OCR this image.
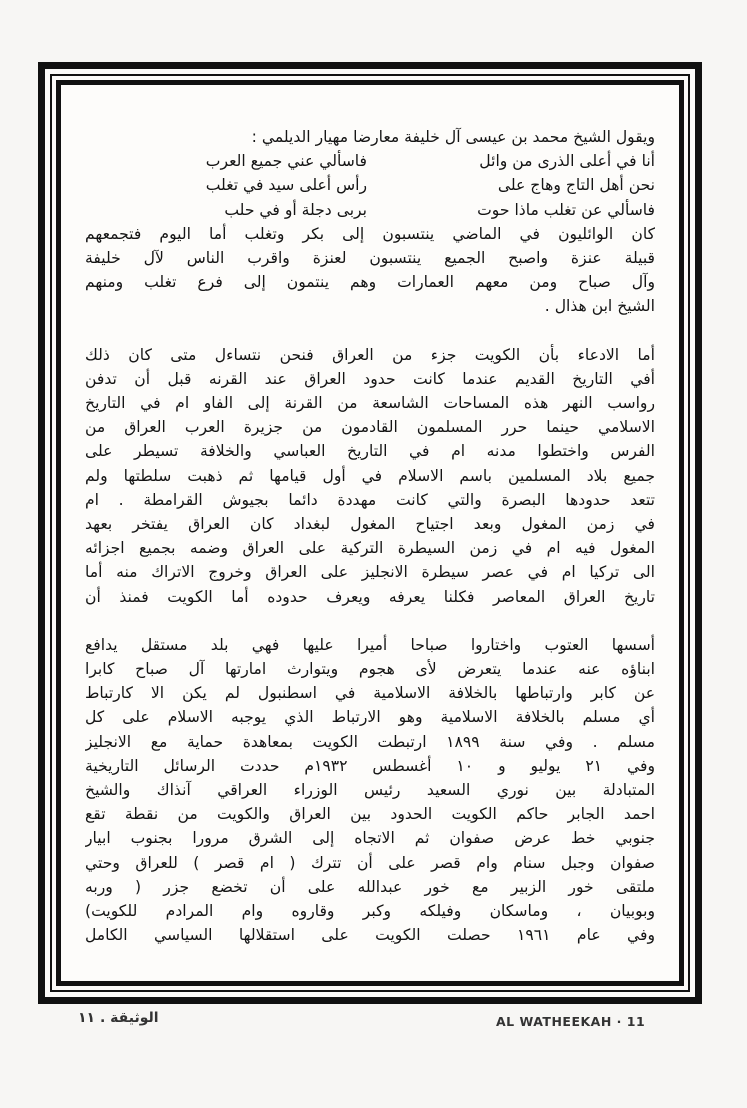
ويقول الشيخ محمد بن عيسى آل خليفة معارضا مهيار الديلمي :
أنا في أعلى الذرى من وائل
فاسألي عني جميع العرب
نحن أهل التاج وهاج على
رأس أعلى سيد في تغلب
فاسألي عن تغلب ماذا حوت
بربى دجلة أو في حلب
كان الوائليون في الماضي ينتسبون إلى بكر وتغلب أما اليوم فتجمعهم
قبيلة عنزة واصبح الجميع ينتسبون لعنزة واقرب الناس لآل خليفة
وآل صباح ومن معهم العمارات وهم ينتمون إلى فرع تغلب ومنهم
الشيخ ابن هذال .
أما الادعاء بأن الكويت جزء من العراق فنحن نتساءل متى كان ذلك
أفي التاريخ القديم عندما كانت حدود العراق عند القرنه قبل أن تدفن
رواسب النهر هذه المساحات الشاسعة من القرنة إلى الفاو ام في التاريخ
الاسلامي حينما حرر المسلمون القادمون من جزيرة العرب العراق من
الفرس واختطوا مدنه ام في التاريخ العباسي والخلافة تسيطر على
جميع بلاد المسلمين باسم الاسلام في أول قيامها ثم ذهبت سلطتها ولم
تتعد حدودها البصرة والتي كانت مهددة دائما بجيوش القرامطة . ام
في زمن المغول وبعد اجتياح المغول لبغداد كان العراق يفتخر بعهد
المغول فيه ام في زمن السيطرة التركية على العراق وضمه بجميع اجزائه
الى تركيا ام في عصر سيطرة الانجليز على العراق وخروج الاتراك منه أما
تاريخ العراق المعاصر فكلنا يعرفه ويعرف حدوده أما الكويت فمنذ أن
أسسها العتوب واختاروا صباحا أميرا عليها فهي بلد مستقل يدافع
ابناؤه عنه عندما يتعرض لأى هجوم ويتوارث امارتها آل صباح كابرا
عن كابر وارتباطها بالخلافة الاسلامية في اسطنبول لم يكن الا كارتباط
أي مسلم بالخلافة الاسلامية وهو الارتباط الذي يوجبه الاسلام على كل
مسلم . وفي سنة ١٨٩٩ ارتبطت الكويت بمعاهدة حماية مع الانجليز
وفي ٢١ يوليو و ١٠ أغسطس ١٩٣٢م حددت الرسائل التاريخية
المتبادلة بين نوري السعيد رئيس الوزراء العراقي آنذاك والشيخ
احمد الجابر حاكم الكويت الحدود بين العراق والكويت من نقطة تقع
جنوبي خط عرض صفوان ثم الاتجاه إلى الشرق مرورا بجنوب ابيار
صفوان وجبل سنام وام قصر على أن تترك ( ام قصر ) للعراق وحتي
ملتقى خور الزبير مع خور عبدالله على أن تخضع جزر ( وربه
وبوبيان ، وماسكان وفيلكه وكبر وقاروه وام المرادم للكويت)
وفي عام ١٩٦١ حصلت الكويت على استقلالها السياسي الكامل
AL WATHEEKAH · 11
الوثيقة . ١١
